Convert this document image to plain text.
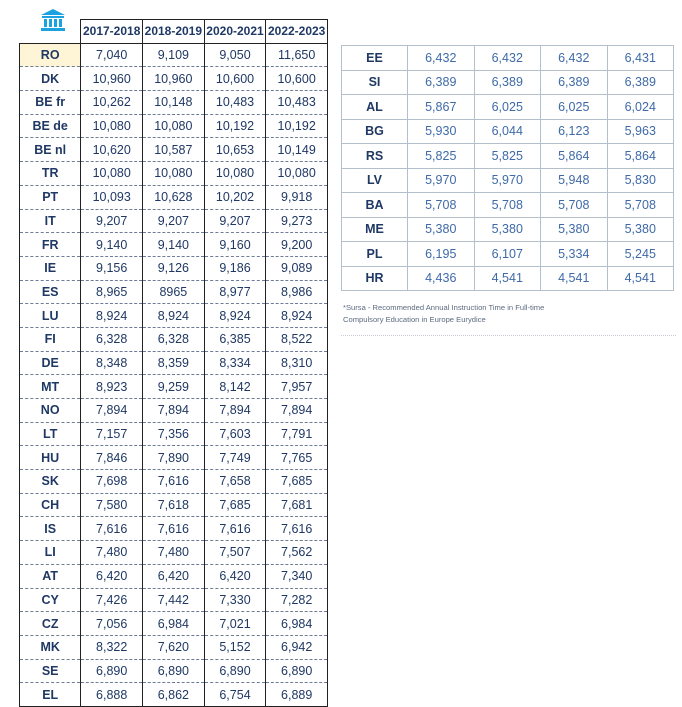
	2017-2018	2018-2019	2020-2021	2022-2023
RO	7,040	9,109	9,050	11,650
DK	10,960	10,960	10,600	10,600
BE fr	10,262	10,148	10,483	10,483
BE de	10,080	10,080	10,192	10,192
BE nl	10,620	10,587	10,653	10,149
TR	10,080	10,080	10,080	10,080
PT	10,093	10,628	10,202	9,918
IT	9,207	9,207	9,207	9,273
FR	9,140	9,140	9,160	9,200
IE	9,156	9,126	9,186	9,089
ES	8,965	8965	8,977	8,986
LU	8,924	8,924	8,924	8,924
FI	6,328	6,328	6,385	8,522
DE	8,348	8,359	8,334	8,310
MT	8,923	9,259	8,142	7,957
NO	7,894	7,894	7,894	7,894
LT	7,157	7,356	7,603	7,791
HU	7,846	7,890	7,749	7,765
SK	7,698	7,616	7,658	7,685
CH	7,580	7,618	7,685	7,681
IS	7,616	7,616	7,616	7,616
LI	7,480	7,480	7,507	7,562
AT	6,420	6,420	6,420	7,340
CY	7,426	7,442	7,330	7,282
CZ	7,056	6,984	7,021	6,984
MK	8,322	7,620	5,152	6,942
SE	6,890	6,890	6,890	6,890
EL	6,888	6,862	6,754	6,889
EE	6,432	6,432	6,432	6,431
SI	6,389	6,389	6,389	6,389
AL	5,867	6,025	6,025	6,024
BG	5,930	6,044	6,123	5,963
RS	5,825	5,825	5,864	5,864
LV	5,970	5,970	5,948	5,830
BA	5,708	5,708	5,708	5,708
ME	5,380	5,380	5,380	5,380
PL	6,195	6,107	5,334	5,245
HR	4,436	4,541	4,541	4,541
*Sursa - Recommended Annual Instruction Time in Full-time
Compulsory Education in Europe Eurydice
